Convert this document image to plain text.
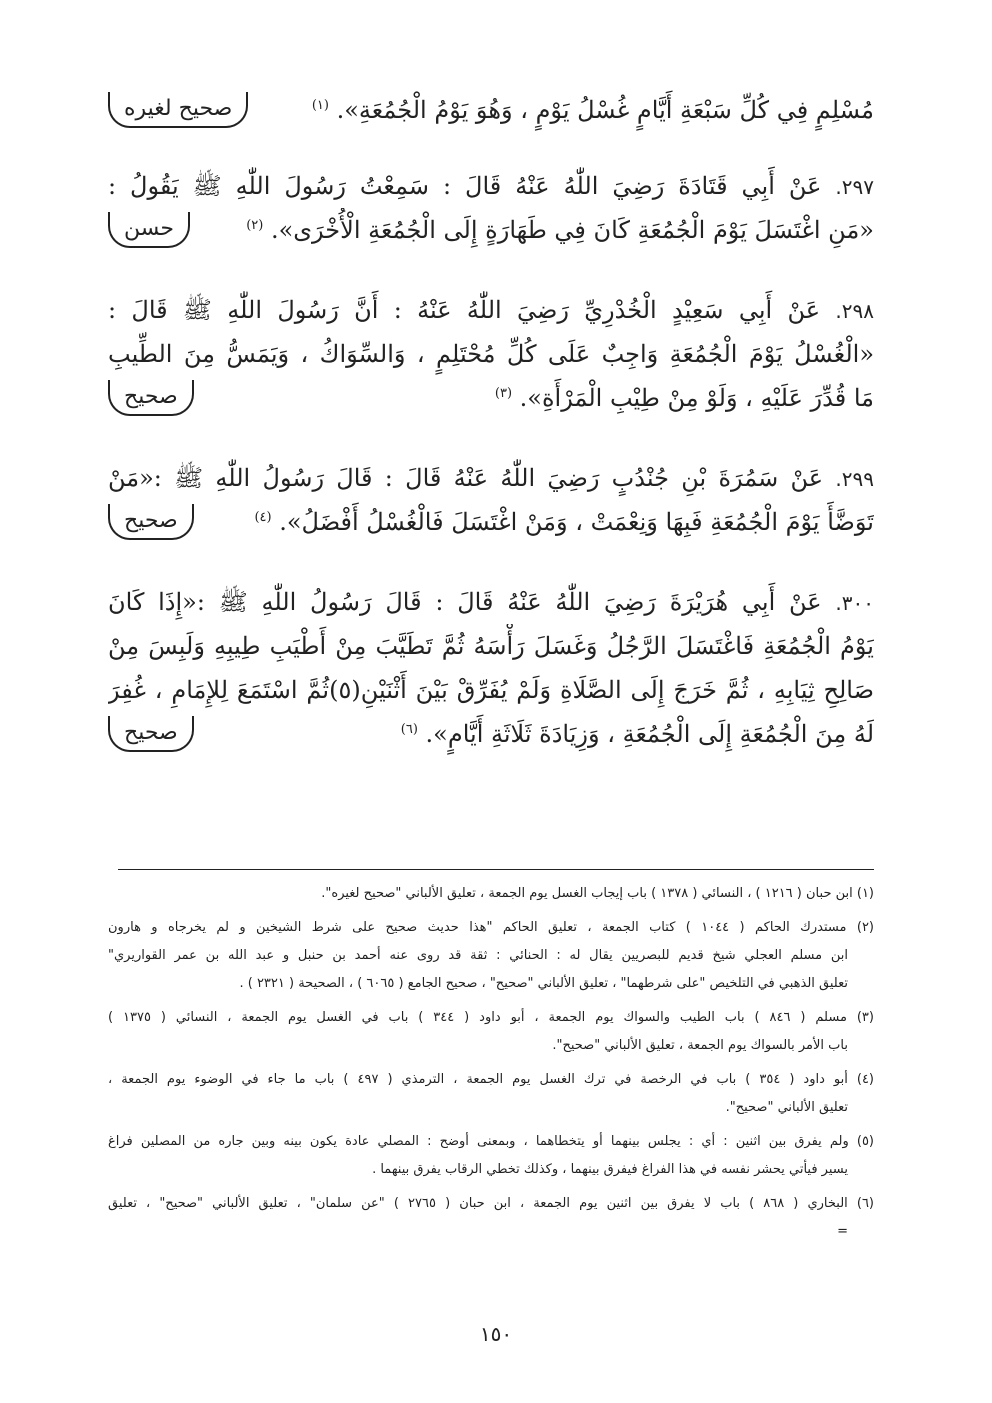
مُسْلِمٍ فِي كُلِّ سَبْعَةِ أَيَّامٍ غُسْلُ يَوْمٍ ، وَهُوَ يَوْمُ الْجُمُعَةِ». $^{(١)}$
صحيح لغيره
٢٩٧. عَنْ أَبِي قَتَادَةَ رَضِيَ اللّٰهُ عَنْهُ قَالَ : سَمِعْتُ رَسُولَ اللّٰهِ ﷺ يَقُولُ :
«مَنِ اغْتَسَلَ يَوْمَ الْجُمُعَةِ كَانَ فِي طَهَارَةٍ إِلَى الْجُمُعَةِ الْأُخْرَى». $^{(٢)}$
حسن
٢٩٨. عَنْ أَبِي سَعِيْدٍ الْخُدْرِيِّ رَضِيَ اللّٰهُ عَنْهُ : أَنَّ رَسُولَ اللّٰهِ ﷺ قَالَ :
«الْغُسْلُ يَوْمَ الْجُمُعَةِ وَاجِبٌ عَلَى كُلِّ مُحْتَلِمٍ ، وَالسِّوَاكُ ، وَيَمَسُّ مِنَ الطِّيبِ
مَا قُدِّرَ عَلَيْهِ ، وَلَوْ مِنْ طِيْبِ الْمَرْأَةِ». $^{(٣)}$
صحيح
٢٩٩. عَنْ سَمُرَةَ بْنِ جُنْدُبٍ رَضِيَ اللّٰهُ عَنْهُ قَالَ : قَالَ رَسُولُ اللّٰهِ ﷺ :«مَنْ
تَوَضَّأَ يَوْمَ الْجُمُعَةِ فَبِهَا وَنِعْمَتْ ، وَمَنْ اغْتَسَلَ فَالْغُسْلُ أَفْضَلُ». $^{(٤)}$
صحيح
٣٠٠. عَنْ أَبِي هُرَيْرَةَ رَضِيَ اللّٰهُ عَنْهُ قَالَ : قَالَ رَسُولُ اللّٰهِ ﷺ :«إِذَا كَانَ
يَوْمُ الْجُمُعَةِ فَاغْتَسَلَ الرَّجُلُ وَغَسَلَ رَأْسَهُ ثُمَّ تَطَيَّبَ مِنْ أَطْيَبِ طِيبِهِ وَلَبِسَ مِنْ
صَالِحِ ثِيَابِهِ ، ثُمَّ خَرَجَ إِلَى الصَّلَاةِ وَلَمْ يُفَرِّقْ بَيْنَ أَثْنَيْنِ(٥)ثُمَّ اسْتَمَعَ لِلإِمَامِ ، غُفِرَ
لَهُ مِنَ الْجُمُعَةِ إِلَى الْجُمُعَةِ ، وَزِيَادَةَ ثَلَاثَةِ أَيَّامٍ». $^{(٦)}$
صحيح
(١) ابن حبان ( ١٢١٦ ) ، النسائي ( ١٣٧٨ ) باب إيجاب الغسل يوم الجمعة ، تعليق الألباني "صحيح لغيره".
(٢) مستدرك الحاكم ( ١٠٤٤ ) كتاب الجمعة ، تعليق الحاكم "هذا حديث صحيح على شرط الشيخين و لم يخرجاه و هارون
ابن مسلم العجلي شيخ قديم للبصريين يقال له : الحنائي : ثقة قد روى عنه أحمد بن حنبل و عبد الله بن عمر القواريري"
تعليق الذهبي في التلخيص "على شرطهما" ، تعليق الألباني "صحيح" ، صحيح الجامع ( ٦٠٦٥ ) ، الصحيحة ( ٢٣٢١ ) .
(٣) مسلم ( ٨٤٦ ) باب الطيب والسواك يوم الجمعة ، أبو داود ( ٣٤٤ ) باب في الغسل يوم الجمعة ، النسائي ( ١٣٧٥ )
باب الأمر بالسواك يوم الجمعة ، تعليق الألباني "صحيح".
(٤) أبو داود ( ٣٥٤ ) باب في الرخصة في ترك الغسل يوم الجمعة ، الترمذي ( ٤٩٧ ) باب ما جاء في الوضوء يوم الجمعة ،
تعليق الألباني "صحيح".
(٥) ولم يفرق بين اثنين : أي : يجلس بينهما أو يتخطاهما ، وبمعنى أوضح : المصلي عادة يكون بينه وبين جاره من المصلين فراغ
يسير فيأتي يحشر نفسه في هذا الفراغ فيفرق بينهما ، وكذلك تخطي الرقاب يفرق بينهما .
(٦) البخاري ( ٨٦٨ ) باب لا يفرق بين اثنين يوم الجمعة ، ابن حبان ( ٢٧٦٥ ) "عن سلمان" ، تعليق الألباني "صحيح" ، تعليق
=
١٥٠
